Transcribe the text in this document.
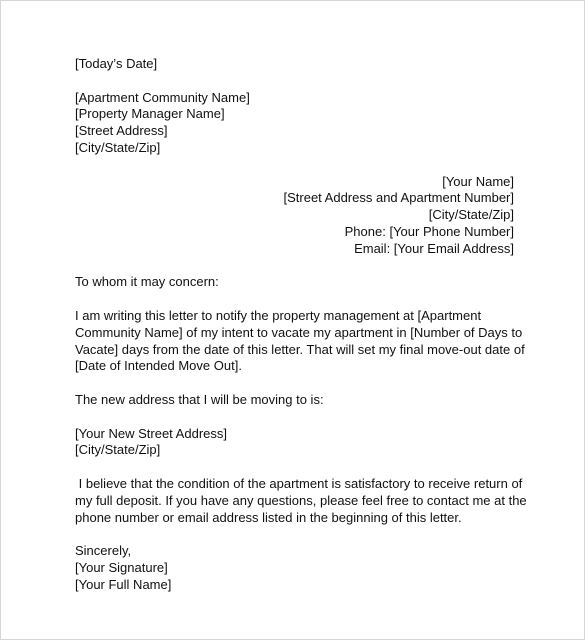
[Today’s Date]
[Apartment Community Name]
[Property Manager Name]
[Street Address]
[City/State/Zip]
[Your Name]
[Street Address and Apartment Number]
[City/State/Zip]
Phone: [Your Phone Number]
Email: [Your Email Address]
To whom it may concern:
I am writing this letter to notify the property management at [Apartment
Community Name] of my intent to vacate my apartment in [Number of Days to
Vacate] days from the date of this letter. That will set my final move-out date of
[Date of Intended Move Out].
The new address that I will be moving to is:
[Your New Street Address]
[City/State/Zip]
I believe that the condition of the apartment is satisfactory to receive return of
my full deposit. If you have any questions, please feel free to contact me at the
phone number or email address listed in the beginning of this letter.
Sincerely,
[Your Signature]
[Your Full Name]
